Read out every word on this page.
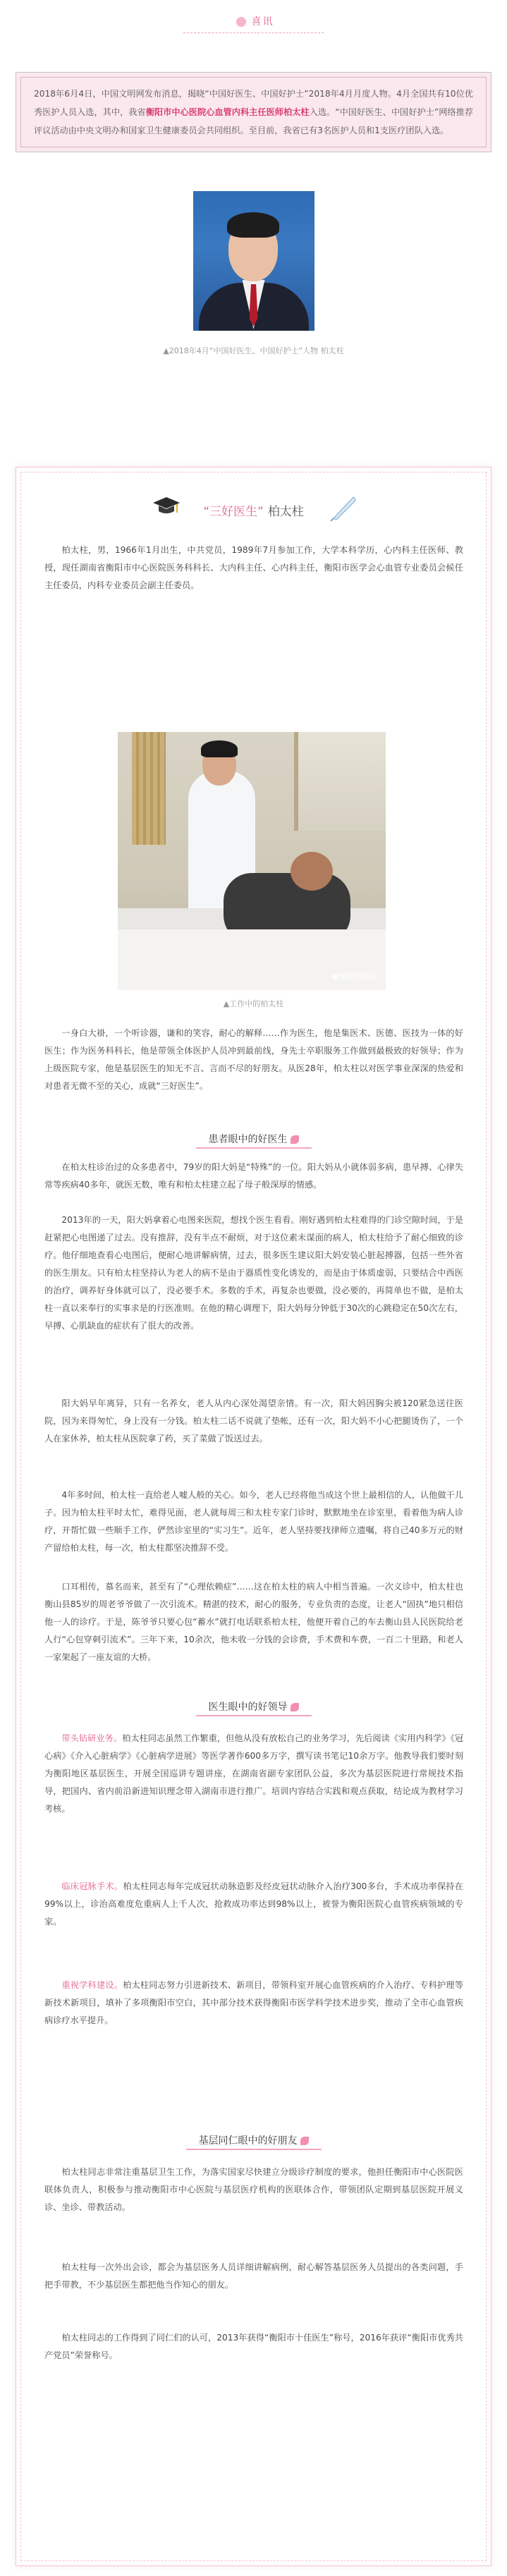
喜讯
2018年6月4日，中国文明网发布消息，揭晓“中国好医生、中国好护士”2018年4月月度人物。4月全国共有10位优秀医护人员入选，其中，我省衡阳市中心医院心血管内科主任医师柏太柱入选。“中国好医生、中国好护士”网络推荐评议活动由中央文明办和国家卫生健康委员会共同组织。至目前，我省已有3名医护人员和1支医疗团队入选。
▲2018年4月“中国好医生、中国好护士”人物 柏太柱
“三好医生” 柏太柱
柏太柱，男，1966年1月出生，中共党员，1989年7月参加工作，大学本科学历，心内科主任医师、教授，现任湖南省衡阳市中心医院医务科科长、大内科主任、心内科主任，衡阳市医学会心血管专业委员会候任主任委员，内科专业委员会副主任委员。
●健康微湖南
▲工作中的柏太柱
一身白大褂，一个听诊器，谦和的笑容，耐心的解释……作为医生，他是集医术、医德、医技为一体的好医生；作为医务科科长，他是带领全体医护人员冲到最前线，身先士卒职服务工作做到最极致的好领导；作为上级医院专家，他是基层医生的知无不言、言而不尽的好朋友。从医28年，柏太柱以对医学事业深深的热爱和对患者无微不至的关心，成就“三好医生”。
患者眼中的好医生
在柏太柱诊治过的众多患者中，79岁的阳大妈是“特殊”的一位。阳大妈从小就体弱多病，患早搏、心律失常等疾病40多年，就医无数，唯有和柏太柱建立起了母子般深厚的情感。
2013年的一天，阳大妈拿着心电图来医院，想找个医生看看。刚好遇到柏太柱难得的门诊空隙时间，于是赶紧把心电图递了过去。没有推辞，没有半点不耐烦，对于这位素未谋面的病人，柏太柱给予了耐心细致的诊疗。他仔细地查看心电图后，便耐心地讲解病情，过去，很多医生建议阳大妈安装心脏起搏器，包括一些外省的医生朋友。只有柏太柱坚持认为老人的病不是由于器质性变化诱发的，而是由于体质虚弱，只要结合中西医的治疗，调养好身体就可以了，没必要手术。多数的手术，再复杂也要做，没必要的，再简单也不做，是柏太柱一直以来奉行的实事求是的行医准则。在他的精心调理下，阳大妈每分钟低于30次的心跳稳定在50次左右，早搏、心肌缺血的症状有了很大的改善。
阳大妈早年离异，只有一名养女，老人从内心深处渴望亲情。有一次，阳大妈因胸尖被120紧急送往医院，因为来得匆忙，身上没有一分钱。柏太柱二话不说就了垫帐，还有一次，阳大妈不小心把腿烫伤了，一个人在家休养，柏太柱从医院拿了药，买了菜做了饭送过去。
4年多时间，柏太柱一直给老人嘘人般的关心。如今，老人已经将他当成这个世上最相信的人，认他做干儿子。因为柏太柱平时太忙，难得见面，老人就每周三和太柱专家门诊时，默默地坐在诊室里，看着他为病人诊疗，开帮忙做一些顺手工作，俨然诊室里的“实习生”。近年，老人坚持要找律师立遗嘱，将自己40多万元的财产留给柏太柱，每一次，柏太柱都坚决推辞不受。
口耳相传，慕名而来，甚至有了“心理依赖症”……这在柏太柱的病人中相当普遍。一次义诊中，柏太柱也衡山县85岁的周老爷爷做了一次引流术。精湛的技术，耐心的服务，专业负责的态度，让老人“固执”地只相信他一人的诊疗。于是，陈爷爷只要心包“蓄水”就打电话联系柏太柱，他便开着自己的车去衡山县人民医院给老人行“心包穿刺引流术”。三年下来，10余次，他未收一分钱的会诊费，手术费和车费，一百二十里路，和老人一家架起了一座友谊的大桥。
医生眼中的好领导
带头钻研业务。柏太柱同志虽然工作繁重，但他从没有放松自己的业务学习，先后阅读《实用内科学》《冠心病》《介入心脏病学》《心脏病学进展》等医学著作600多万字，撰写读书笔记10余万字。他教导我们要时刻为衡阳地区基层医生，开展全国巡讲专题讲座，在湖南省副专家团队公益，多次为基层医院进行常规技术指导，把国内、省内前沿新进知识理念带入湖南市进行推广。培训内容结合实践和观点获取，结论成为教材学习考核。
临床冠脉手术。柏太柱同志每年完成冠状动脉造影及经皮冠状动脉介入治疗300多台，手术成功率保持在99%以上，诊治高难度危重病人上千人次，抢救成功率达到98%以上，被誉为衡阳医院心血管疾病领域的专家。
重视学科建设。柏太柱同志努力引进新技术、新项目，带领科室开展心血管疾病的介入治疗、专科护理等新技术新项目，填补了多项衡阳市空白，其中部分技术获得衡阳市医学科学技术进步奖，推动了全市心血管疾病诊疗水平提升。
基层同仁眼中的好朋友
柏太柱同志非常注重基层卫生工作，为落实国家尽快建立分级诊疗制度的要求，他担任衡阳市中心医院医联体负责人，积极参与推动衡阳市中心医院与基层医疗机构的医联体合作，带领团队定期到基层医院开展义诊、坐诊、带教活动。
柏太柱每一次外出会诊，都会为基层医务人员详细讲解病例，耐心解答基层医务人员提出的各类问题，手把手带教，不少基层医生都把他当作知心的朋友。
柏太柱同志的工作得到了同仁们的认可，2013年获得“衡阳市十佳医生”称号，2016年获评“衡阳市优秀共产党员”荣誉称号。
